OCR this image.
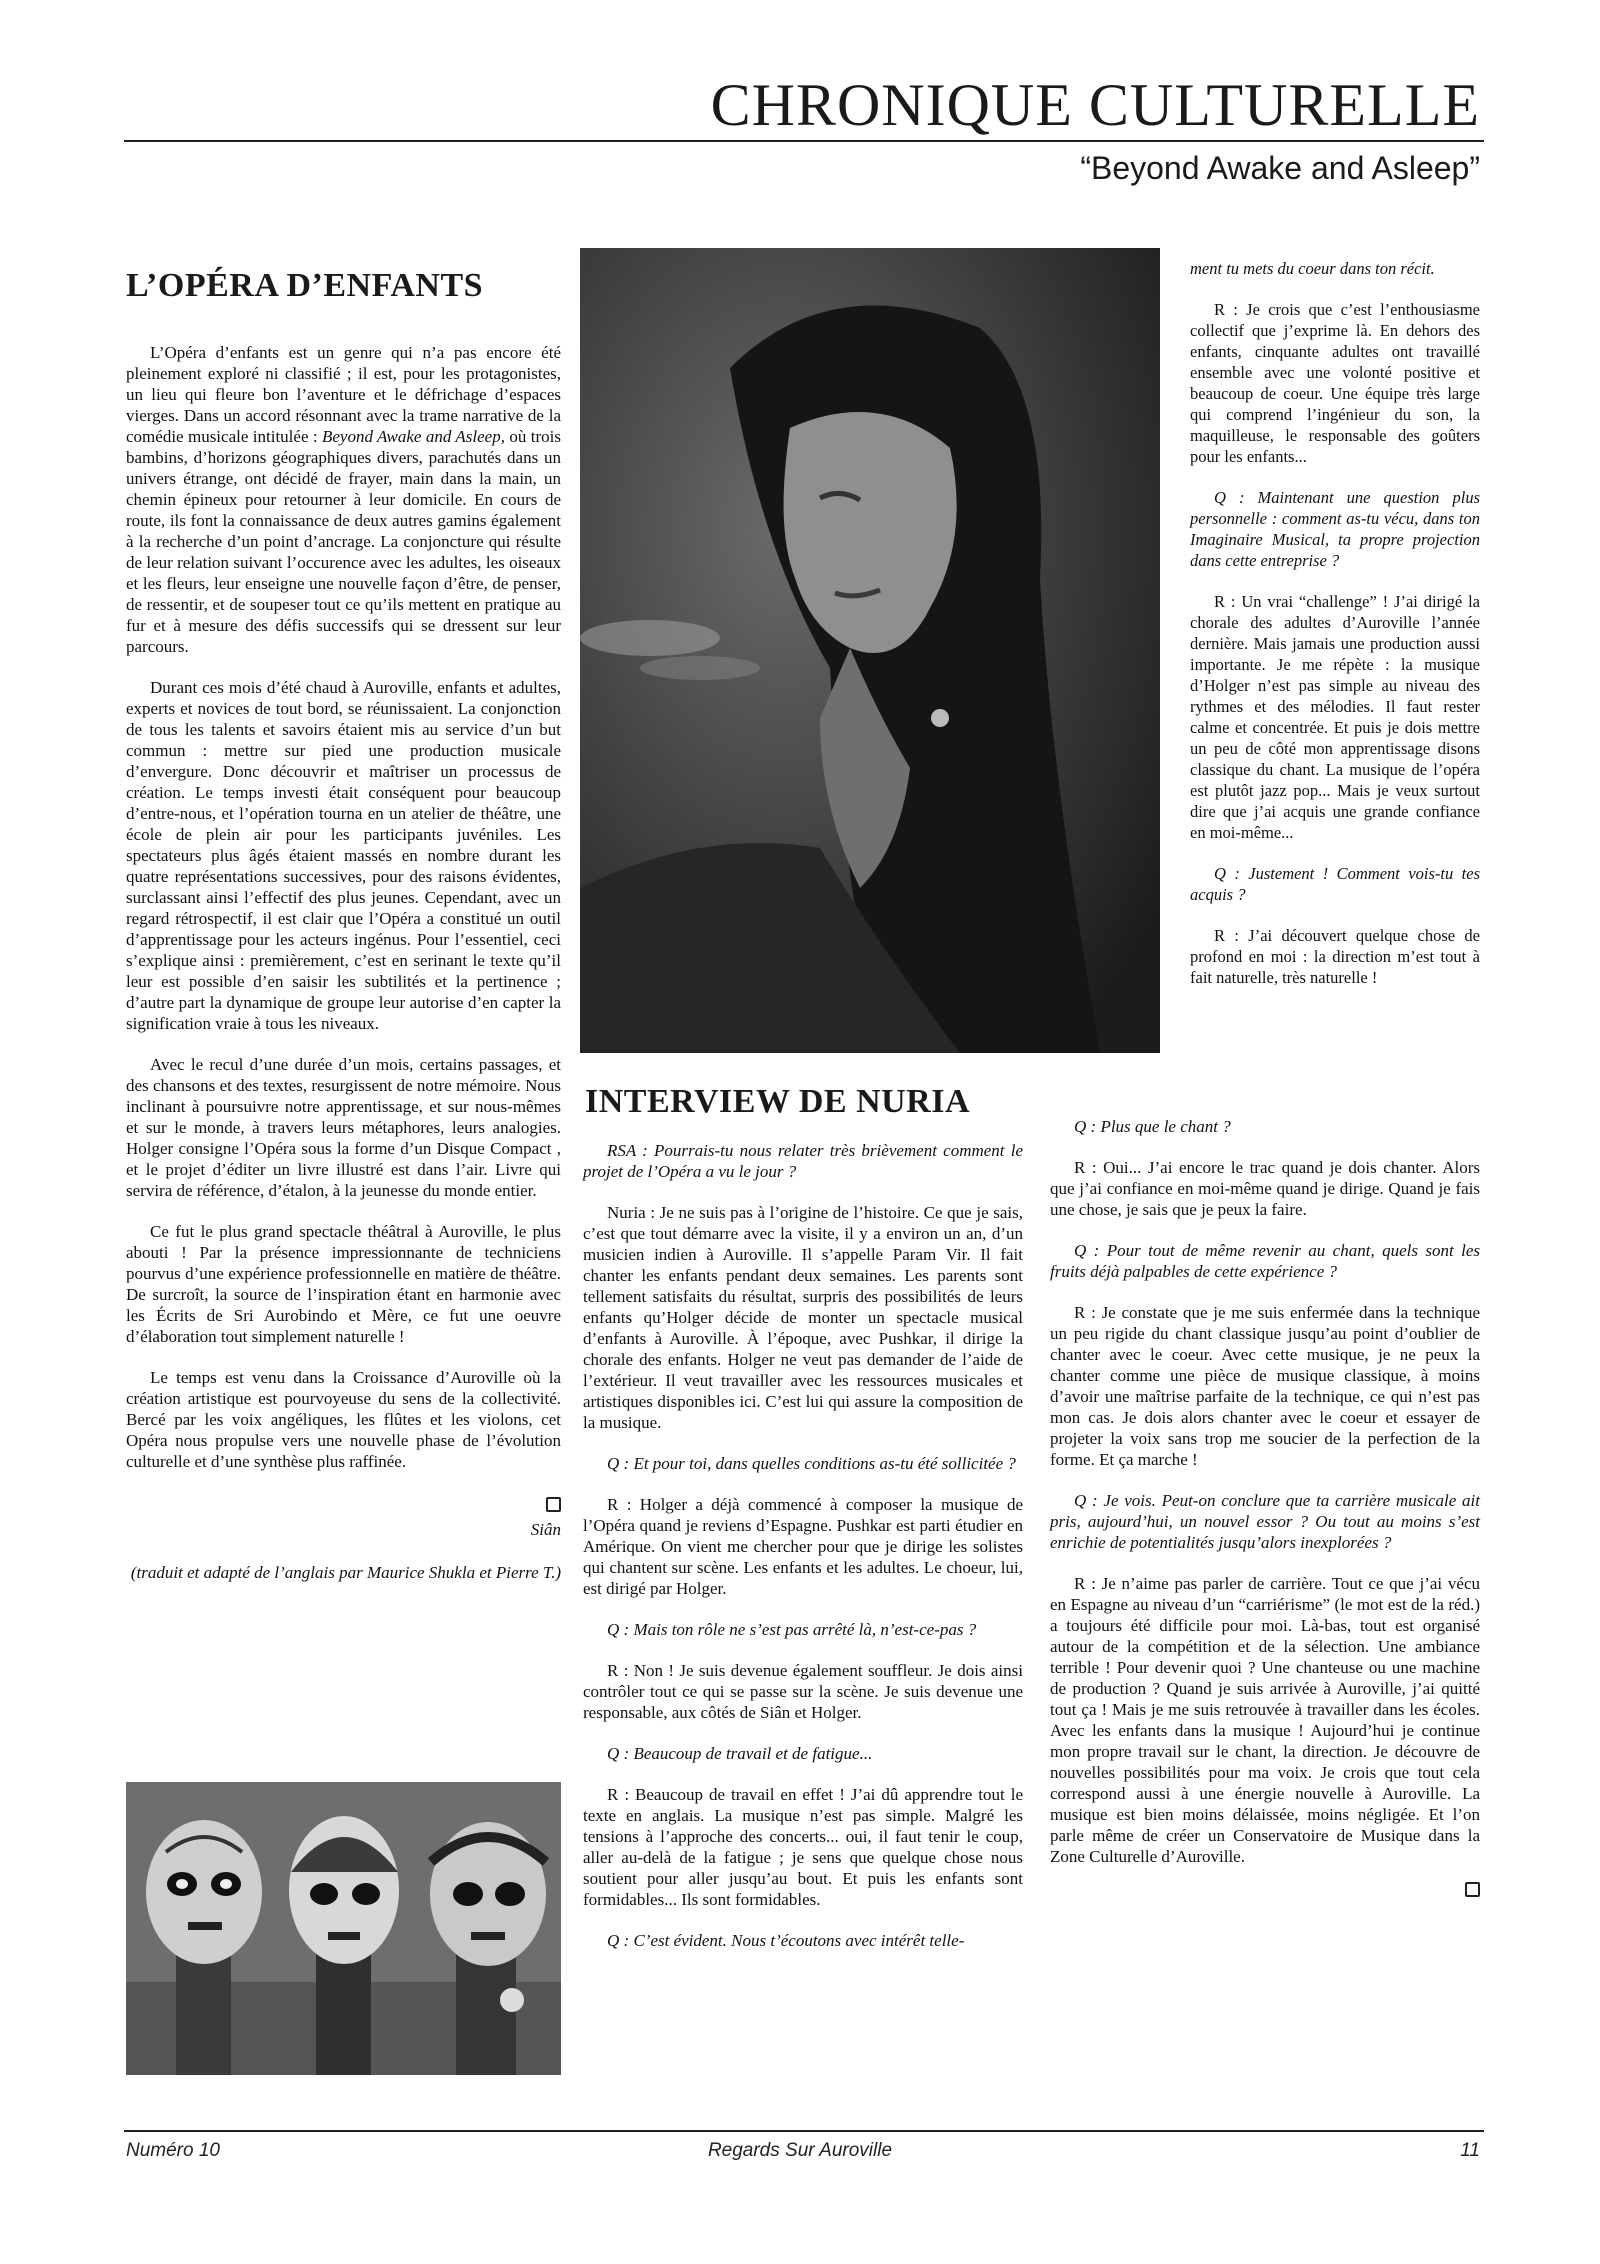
CHRONIQUE CULTURELLE
“Beyond Awake and Asleep”
L’OPÉRA D’ENFANTS

L’Opéra d’enfants est un genre qui n’a pas encore été pleinement exploré ni classifié ; il est, pour les protagonistes, un lieu qui fleure bon l’aventure et le défrichage d’espaces vierges. Dans un accord résonnant avec la trame narrative de la comédie musicale intitulée : Beyond Awake and Asleep, où trois bambins, d’horizons géographiques divers, parachutés dans un univers étrange, ont décidé de frayer, main dans la main, un chemin épineux pour retourner à leur domicile. En cours de route, ils font la connaissance de deux autres gamins également à la recherche d’un point d’ancrage. La conjoncture qui résulte de leur relation suivant l’occurence avec les adultes, les oiseaux et les fleurs, leur enseigne une nouvelle façon d’être, de penser, de ressentir, et de soupeser tout ce qu’ils mettent en pratique au fur et à mesure des défis successifs qui se dressent sur leur parcours.

Durant ces mois d’été chaud à Auroville, enfants et adultes, experts et novices de tout bord, se réunissaient. La conjonction de tous les talents et savoirs étaient mis au service d’un but commun : mettre sur pied une production musicale d’envergure. Donc découvrir et maîtriser un processus de création. Le temps investi était conséquent pour beaucoup d’entre-nous, et l’opération tourna en un atelier de théâtre, une école de plein air pour les participants juvéniles. Les spectateurs plus âgés étaient massés en nombre durant les quatre représentations successives, pour des raisons évidentes, surclassant ainsi l’effectif des plus jeunes. Cependant, avec un regard rétrospectif, il est clair que l’Opéra a constitué un outil d’apprentissage pour les acteurs ingénus. Pour l’essentiel, ceci s’explique ainsi : premièrement, c’est en serinant le texte qu’il leur est possible d’en saisir les subtilités et la pertinence ; d’autre part la dynamique de groupe leur autorise d’en capter la signification vraie à tous les niveaux.

Avec le recul d’une durée d’un mois, certains passages, et des chansons et des textes, resurgissent de notre mémoire. Nous inclinant à poursuivre notre apprentissage, et sur nous-mêmes et sur le monde, à travers leurs métaphores, leurs analogies. Holger consigne l’Opéra sous la forme d’un Disque Compact , et le projet d’éditer un livre illustré est dans l’air. Livre qui servira de référence, d’étalon, à la jeunesse du monde entier.

Ce fut le plus grand spectacle théâtral à Auroville, le plus abouti ! Par la présence impressionnante de techniciens pourvus d’une expérience professionnelle en matière de théâtre. De surcroît, la source de l’inspiration étant en harmonie avec les Écrits de Sri Aurobindo et Mère, ce fut une oeuvre d’élaboration tout simplement naturelle !

Le temps est venu dans la Croissance d’Auroville où la création artistique est pourvoyeuse du sens de la collectivité. Bercé par les voix angéliques, les flûtes et les violons, cet Opéra nous propulse vers une nouvelle phase de l’évolution culturelle et d’une synthèse plus raffinée.

Siân

(traduit et adapté de l’anglais par Maurice Shukla et Pierre T.)

INTERVIEW DE NURIA

RSA : Pourrais-tu nous relater très brièvement comment le projet de l’Opéra a vu le jour ?

Nuria : Je ne suis pas à l’origine de l’histoire. Ce que je sais, c’est que tout démarre avec la visite, il y a environ un an, d’un musicien indien à Auroville. Il s’appelle Param Vir. Il fait chanter les enfants pendant deux semaines. Les parents sont tellement satisfaits du résultat, surpris des possibilités de leurs enfants qu’Holger décide de monter un spectacle musical d’enfants à Auroville. À l’époque, avec Pushkar, il dirige la chorale des enfants. Holger ne veut pas demander de l’aide de l’extérieur. Il veut travailler avec les ressources musicales et artistiques disponibles ici. C’est lui qui assure la composition de la musique.

Q : Et pour toi, dans quelles conditions as-tu été sollicitée ?

R : Holger a déjà commencé à composer la musique de l’Opéra quand je reviens d’Espagne. Pushkar est parti étudier en Amérique. On vient me chercher pour que je dirige les solistes qui chantent sur scène. Les enfants et les adultes. Le choeur, lui, est dirigé par Holger.

Q : Mais ton rôle ne s’est pas arrêté là, n’est-ce-pas ?

R : Non ! Je suis devenue également souffleur. Je dois ainsi contrôler tout ce qui se passe sur la scène. Je suis devenue une responsable, aux côtés de Siân et Holger.

Q : Beaucoup de travail et de fatigue...

R : Beaucoup de travail en effet ! J’ai dû apprendre tout le texte en anglais. La musique n’est pas simple. Malgré les tensions à l’approche des concerts... oui, il faut tenir le coup, aller au-delà de la fatigue ; je sens que quelque chose nous soutient pour aller jusqu’au bout. Et puis les enfants sont formidables... Ils sont formidables.

Q : C’est évident. Nous t’écoutons avec intérêt telle-

ment tu mets du coeur dans ton récit.

R : Je crois que c’est l’enthousiasme collectif que j’exprime là. En dehors des enfants, cinquante adultes ont travaillé ensemble avec une volonté positive et beaucoup de coeur. Une équipe très large qui comprend l’ingénieur du son, la maquilleuse, le responsable des goûters pour les enfants...

Q : Maintenant une question plus personnelle : comment as-tu vécu, dans ton Imaginaire Musical, ta propre projection dans cette entreprise ?

R : Un vrai “challenge” ! J’ai dirigé la chorale des adultes d’Auroville l’année dernière. Mais jamais une production aussi importante. Je me répète : la musique d’Holger n’est pas simple au niveau des rythmes et des mélodies. Il faut rester calme et concentrée. Et puis je dois mettre un peu de côté mon apprentissage disons classique du chant. La musique de l’opéra est plutôt jazz pop... Mais je veux surtout dire que j’ai acquis une grande confiance en moi-même...

Q : Justement ! Comment vois-tu tes acquis ?

R : J’ai découvert quelque chose de profond en moi : la direction m’est tout à fait naturelle, très naturelle !

Q : Plus que le chant ?

R : Oui... J’ai encore le trac quand je dois chanter. Alors que j’ai confiance en moi-même quand je dirige. Quand je fais une chose, je sais que je peux la faire.

Q : Pour tout de même revenir au chant, quels sont les fruits déjà palpables de cette expérience ?

R : Je constate que je me suis enfermée dans la technique un peu rigide du chant classique jusqu’au point d’oublier de chanter avec le coeur. Avec cette musique, je ne peux la chanter comme une pièce de musique classique, à moins d’avoir une maîtrise parfaite de la technique, ce qui n’est pas mon cas. Je dois alors chanter avec le coeur et essayer de projeter la voix sans trop me soucier de la perfection de la forme. Et ça marche !

Q : Je vois. Peut-on conclure que ta carrière musicale ait pris, aujourd’hui, un nouvel essor ? Ou tout au moins s’est enrichie de potentialités jusqu’alors inexplorées ?

R : Je n’aime pas parler de carrière. Tout ce que j’ai vécu en Espagne au niveau d’un “carriérisme” (le mot est de la réd.) a toujours été difficile pour moi. Là-bas, tout est organisé autour de la compétition et de la sélection. Une ambiance terrible ! Pour devenir quoi ? Une chanteuse ou une machine de production ? Quand je suis arrivée à Auroville, j’ai quitté tout ça ! Mais je me suis retrouvée à travailler dans les écoles. Avec les enfants dans la musique ! Aujourd’hui je continue mon propre travail sur le chant, la direction. Je découvre de nouvelles possibilités pour ma voix. Je crois que tout cela correspond aussi à une énergie nouvelle à Auroville. La musique est bien moins délaissée, moins négligée. Et l’on parle même de créer un Conservatoire de Musique dans la Zone Culturelle d’Auroville.

Numéro 10	Regards Sur Auroville	11
